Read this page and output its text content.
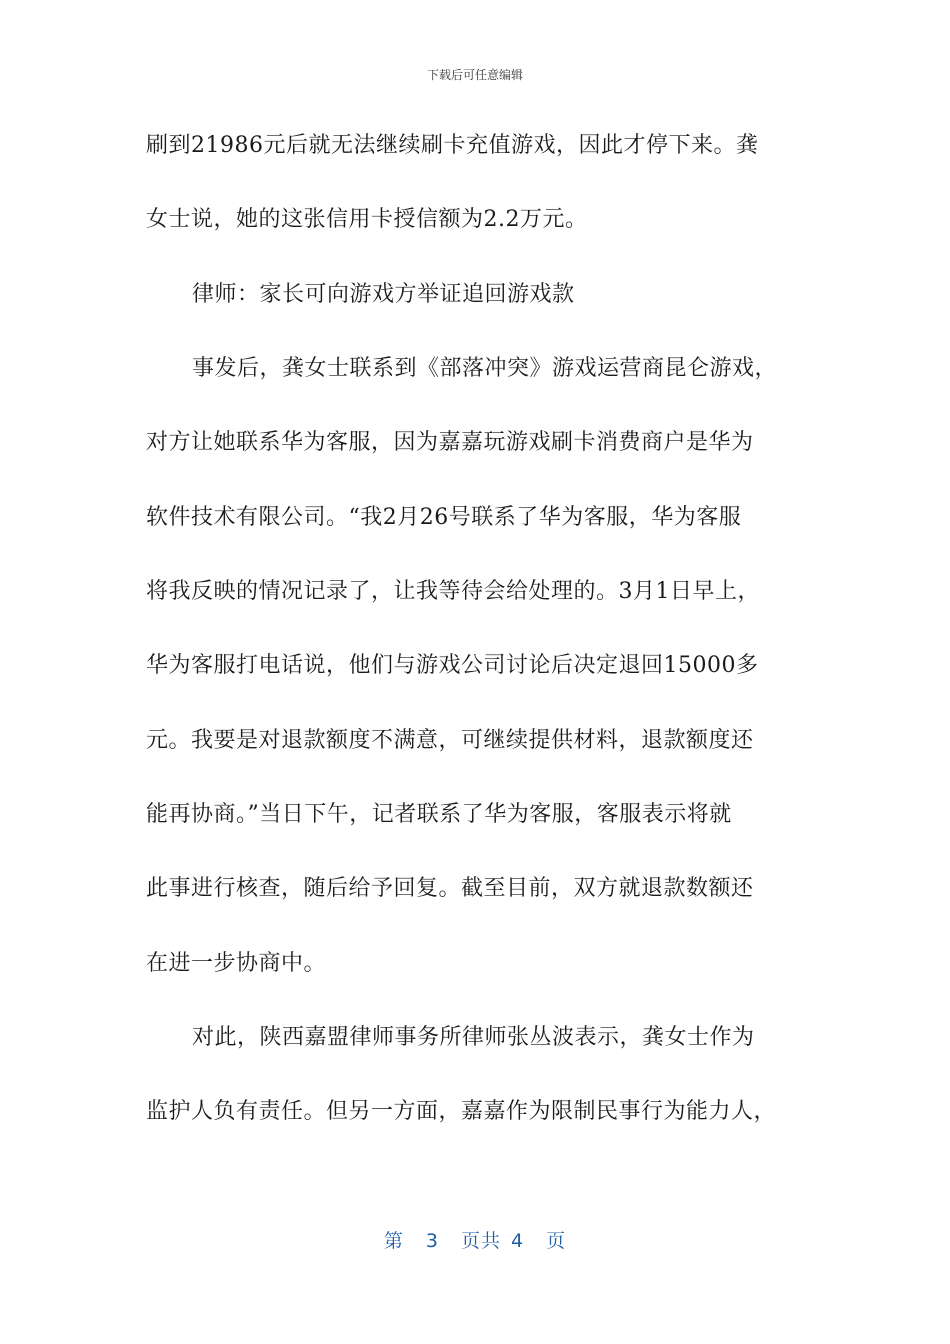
下载后可任意编辑
刷到21986元后就无法继续刷卡充值游戏，因此才停下来。龚
女士说，她的这张信用卡授信额为2.2万元。
律师：家长可向游戏方举证追回游戏款
事发后，龚女士联系到《部落冲突》游戏运营商昆仑游戏，
对方让她联系华为客服，因为嘉嘉玩游戏刷卡消费商户是华为
软件技术有限公司。“我2月26号联系了华为客服，华为客服
将我反映的情况记录了，让我等待会给处理的。3月1日早上，
华为客服打电话说，他们与游戏公司讨论后决定退回15000多
元。我要是对退款额度不满意，可继续提供材料，退款额度还
能再协商。”当日下午，记者联系了华为客服，客服表示将就
此事进行核查，随后给予回复。截至目前，双方就退款数额还
在进一步协商中。
对此，陕西嘉盟律师事务所律师张丛波表示，龚女士作为
监护人负有责任。但另一方面，嘉嘉作为限制民事行为能力人，
第 3 页共 4 页
